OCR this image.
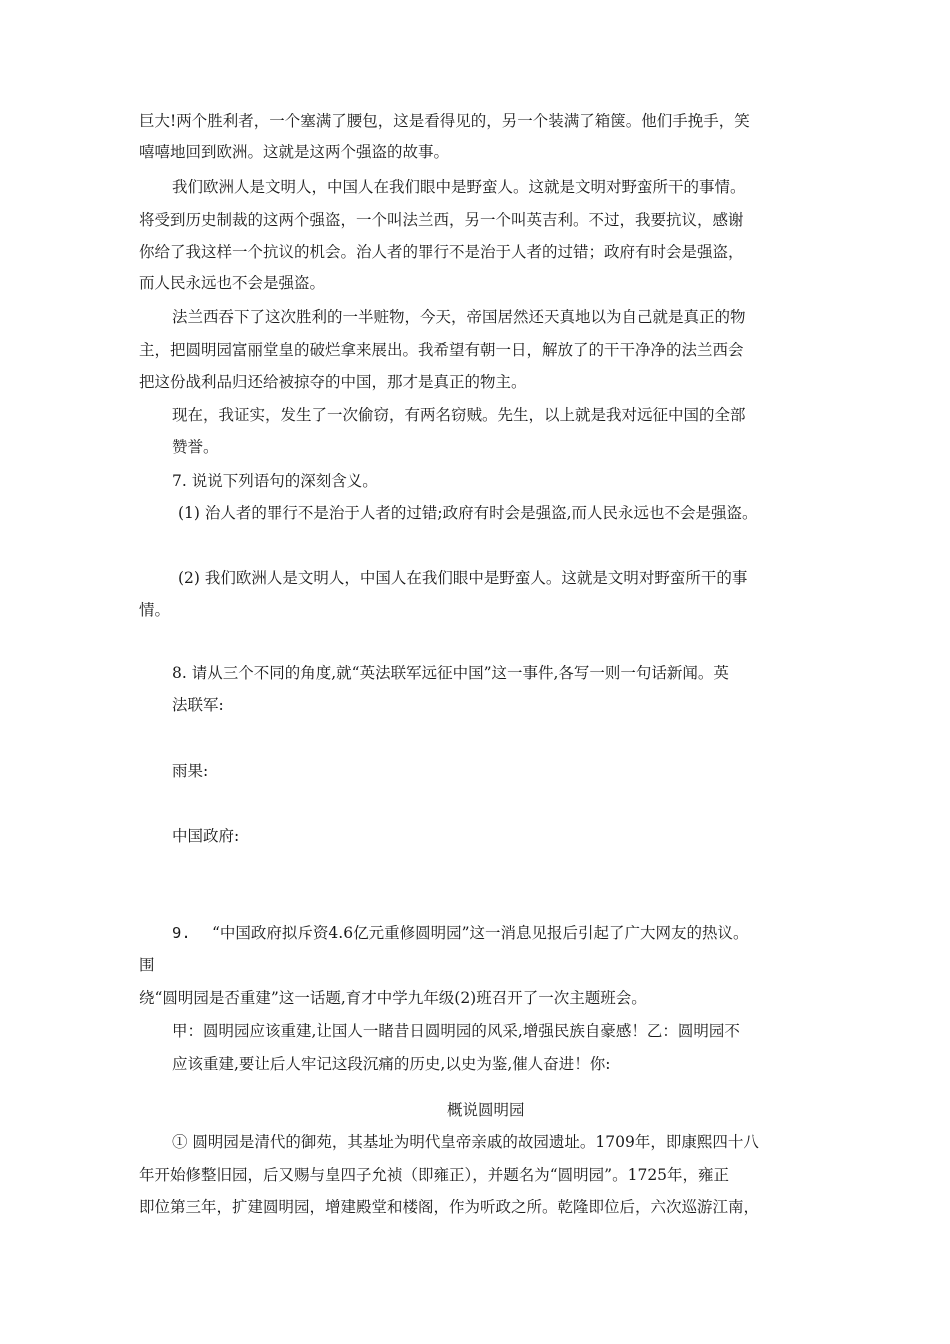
巨大!两个胜利者，一个塞满了腰包，这是看得见的，另一个装满了箱箧。他们手挽手，笑
嘻嘻地回到欧洲。这就是这两个强盗的故事。
我们欧洲人是文明人，中国人在我们眼中是野蛮人。这就是文明对野蛮所干的事情。
将受到历史制裁的这两个强盗，一个叫法兰西，另一个叫英吉利。不过，我要抗议，感谢
你给了我这样一个抗议的机会。治人者的罪行不是治于人者的过错；政府有时会是强盗，
而人民永远也不会是强盗。
法兰西吞下了这次胜利的一半赃物，今天，帝国居然还天真地以为自己就是真正的物
主，把圆明园富丽堂皇的破烂拿来展出。我希望有朝一日，解放了的干干净净的法兰西会
把这份战利品归还给被掠夺的中国，那才是真正的物主。
现在，我证实，发生了一次偷窃，有两名窃贼。先生，以上就是我对远征中国的全部
赞誉。
7. 说说下列语句的深刻含义。
(1) 治人者的罪行不是治于人者的过错;政府有时会是强盗,而人民永远也不会是强盗。
(2) 我们欧洲人是文明人，中国人在我们眼中是野蛮人。这就是文明对野蛮所干的事
情。
8. 请从三个不同的角度,就“英法联军远征中国”这一事件,各写一则一句话新闻。英
法联军:
雨果:
中国政府:
9. “中国政府拟斥资4.6亿元重修圆明园”这一消息见报后引起了广大网友的热议。
围
绕“圆明园是否重建”这一话题,育才中学九年级(2)班召开了一次主题班会。
甲：圆明园应该重建,让国人一睹昔日圆明园的风采,增强民族自豪感！乙：圆明园不
应该重建,要让后人牢记这段沉痛的历史,以史为鉴,催人奋进！你:
概说圆明园
① 圆明园是清代的御苑，其基址为明代皇帝亲戚的故园遗址。1709年，即康熙四十八
年开始修整旧园，后又赐与皇四子允祯（即雍正），并题名为“圆明园”。1725年，雍正
即位第三年，扩建圆明园，增建殿堂和楼阁，作为听政之所。乾隆即位后，六次巡游江南，
